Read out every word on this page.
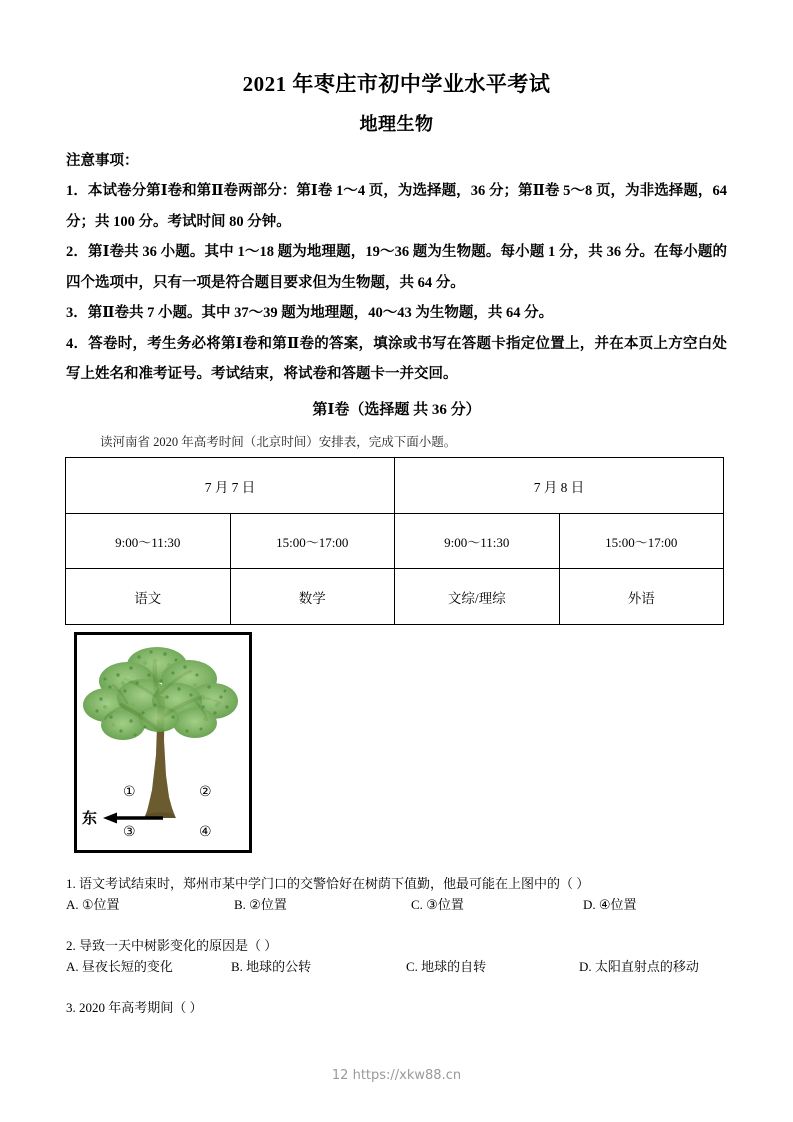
2021 年枣庄市初中学业水平考试
地理生物
注意事项：
1．本试卷分第Ⅰ卷和第Ⅱ卷两部分：第Ⅰ卷 1～4 页，为选择题，36 分；第Ⅱ卷 5～8 页，为非选择题，64 分；共 100 分。考试时间 80 分钟。
2．第Ⅰ卷共 36 小题。其中 1～18 题为地理题，19～36 题为生物题。每小题 1 分，共 36 分。在每小题的四个选项中，只有一项是符合题目要求但为生物题，共 64 分。
3．第Ⅱ卷共 7 小题。其中 37～39 题为地理题，40～43 为生物题，共 64 分。
4．答卷时，考生务必将第Ⅰ卷和第Ⅱ卷的答案，填涂或书写在答题卡指定位置上，并在本页上方空白处写上姓名和准考证号。考试结束，将试卷和答题卡一并交回。
第Ⅰ卷（选择题 共 36 分）
读河南省 2020 年高考时间（北京时间）安排表，完成下面小题。
7 月 7 日		7 月 8 日	
9:00～11:30	15:00～17:00	9:00～11:30	15:00～17:00
语文	数学	文综/理综	外语
①	②
③	④
东
1. 语文考试结束时，郑州市某中学门口的交警恰好在树荫下值勤，他最可能在上图中的（ ）
A. ①位置	B. ②位置	C. ③位置	D. ④位置
2. 导致一天中树影变化的原因是（ ）
A. 昼夜长短的变化	B. 地球的公转	C. 地球的自转	D. 太阳直射点的移动
3. 2020 年高考期间（ ）
12 https://xkw88.cn
